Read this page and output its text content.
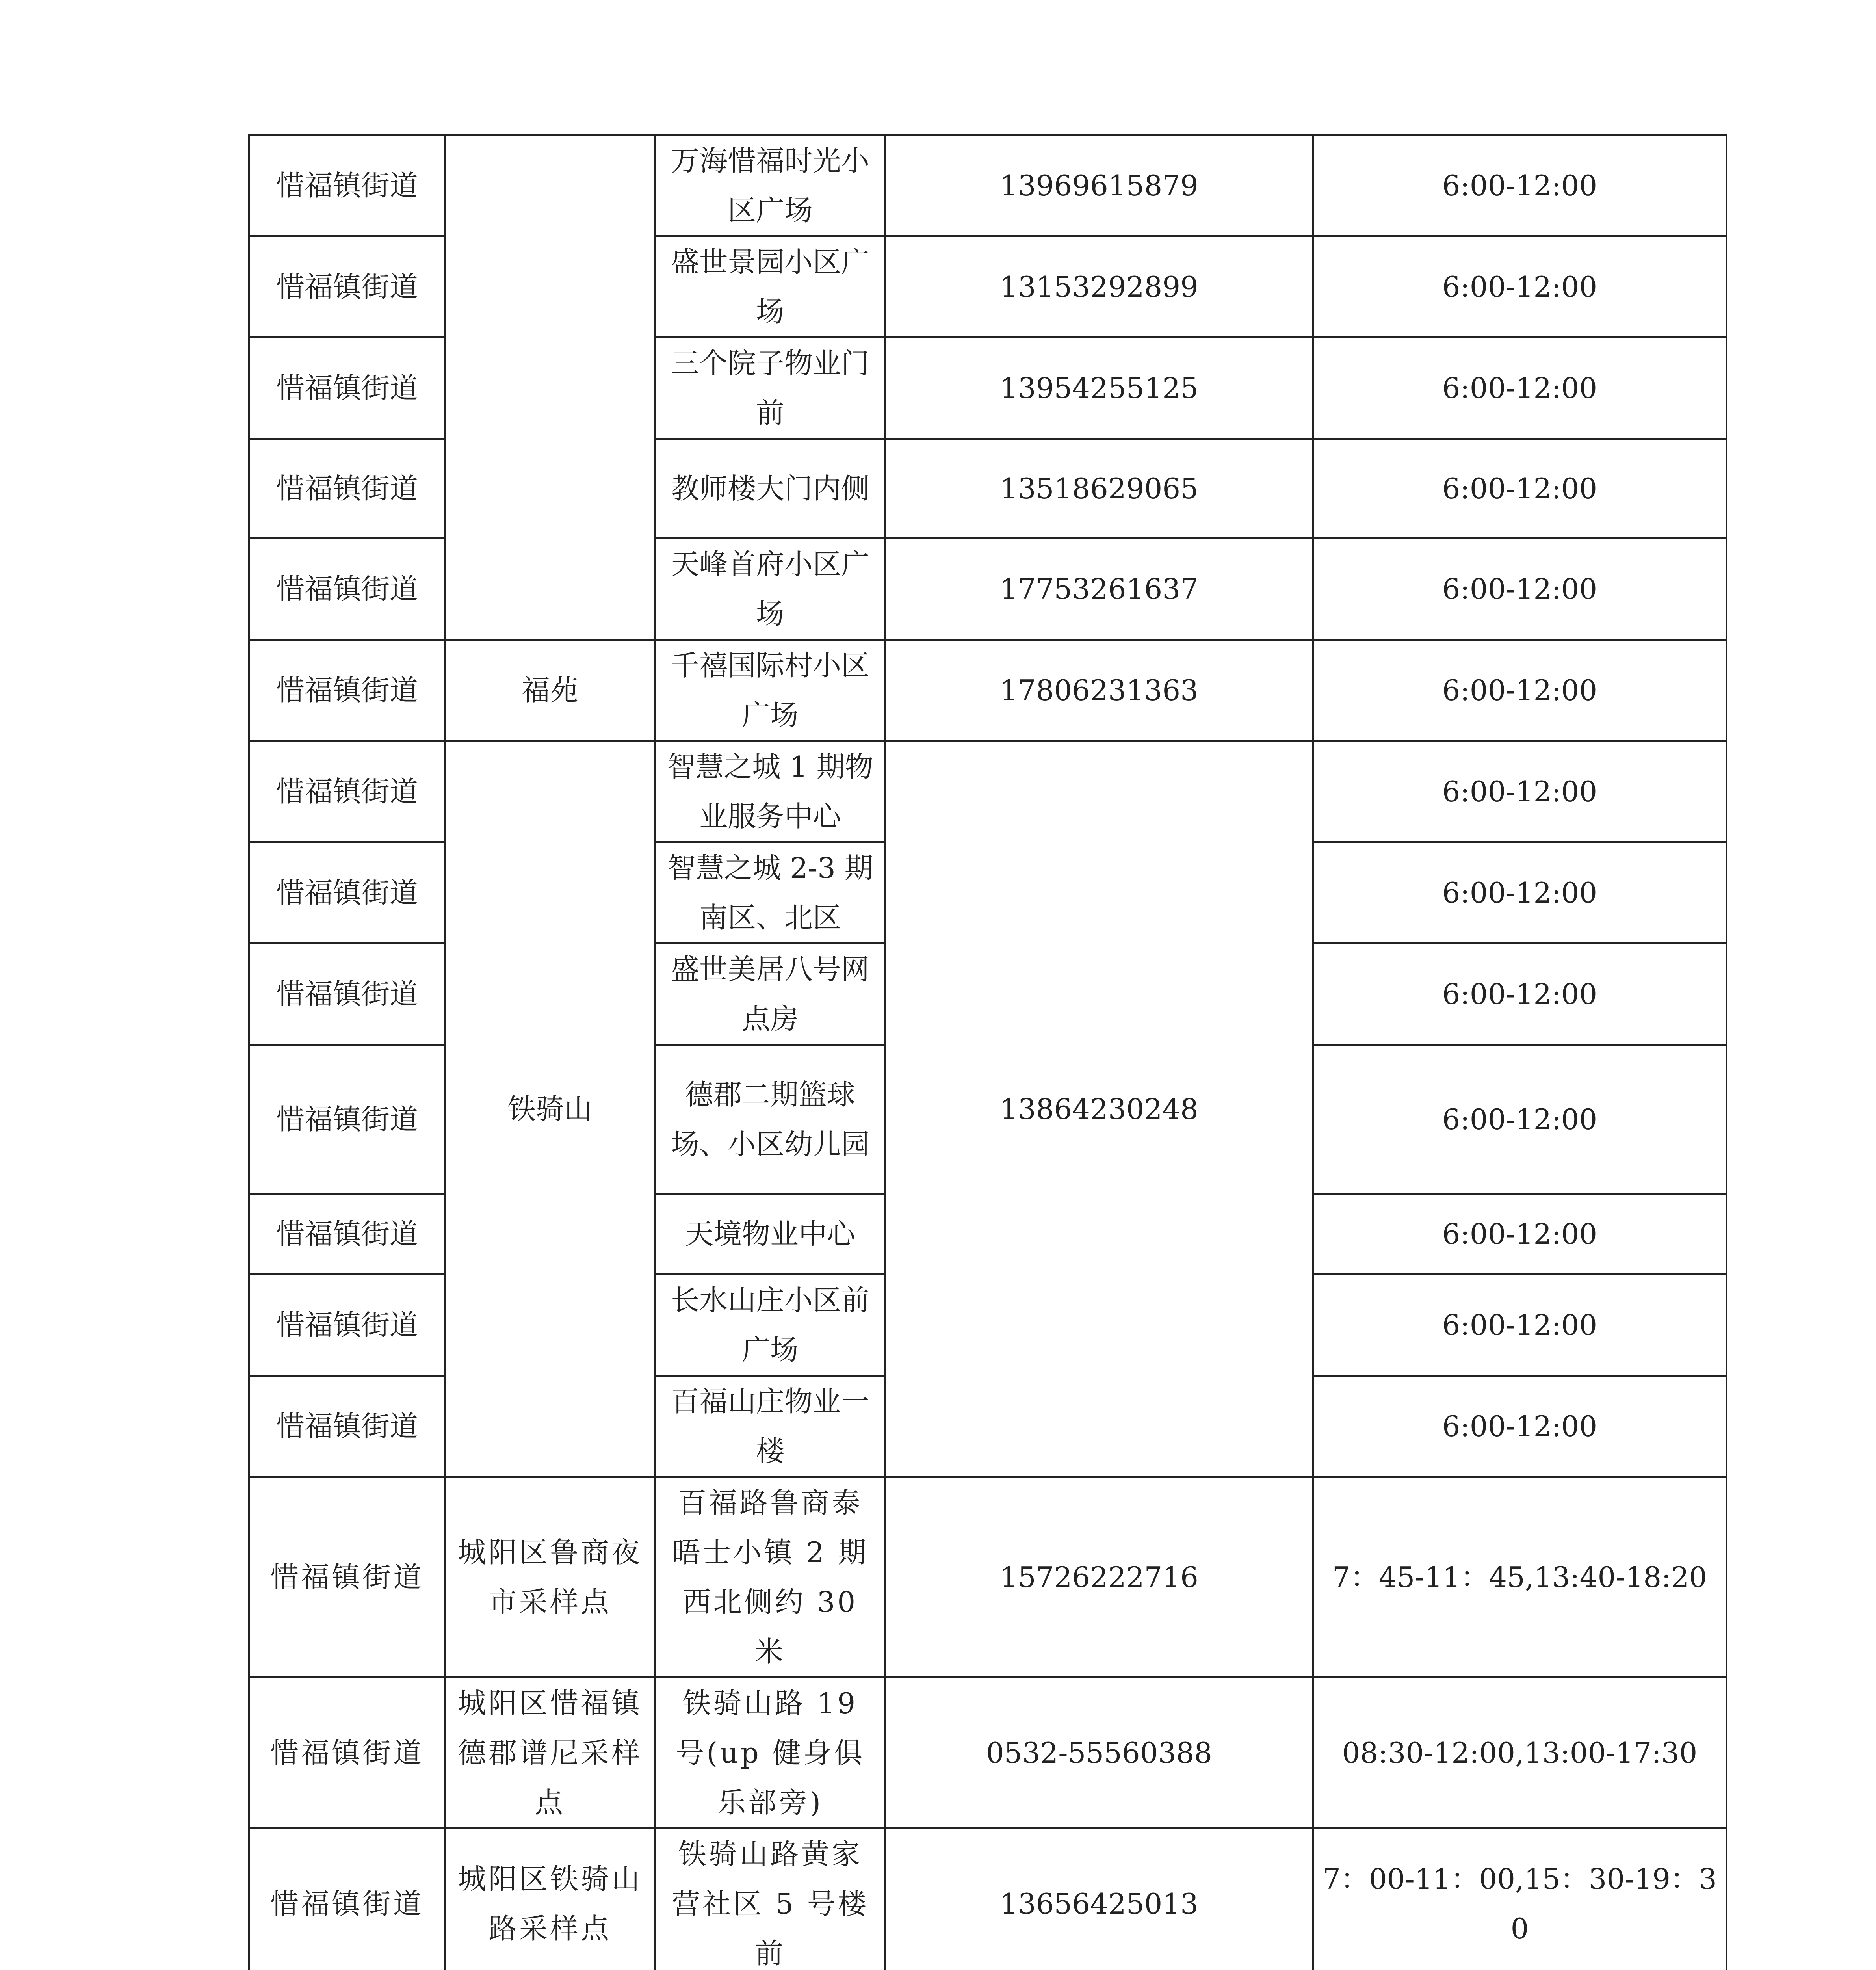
惜福镇街道		万海惜福时光小区广场	13969615879	6:00-12:00
惜福镇街道		盛世景园小区广场	13153292899	6:00-12:00
惜福镇街道		三个院子物业门前	13954255125	6:00-12:00
惜福镇街道		教师楼大门内侧	13518629065	6:00-12:00
惜福镇街道		天峰首府小区广场	17753261637	6:00-12:00
惜福镇街道	福苑	千禧国际村小区广场	17806231363	6:00-12:00
惜福镇街道	铁骑山	智慧之城 1 期物业服务中心	13864230248	6:00-12:00
惜福镇街道		智慧之城 2-3 期南区、北区		6:00-12:00
惜福镇街道		盛世美居八号网点房		6:00-12:00
惜福镇街道		德郡二期篮球场、小区幼儿园		6:00-12:00
惜福镇街道		天境物业中心		6:00-12:00
惜福镇街道		长水山庄小区前广场		6:00-12:00
惜福镇街道		百福山庄物业一楼		6:00-12:00
惜福镇街道	城阳区鲁商夜市采样点	百福路鲁商泰晤士小镇 2 期西北侧约 30 米	15726222716	7：45-11：45,13:40-18:20
惜福镇街道	城阳区惜福镇德郡谱尼采样点	铁骑山路 19 号(up 健身俱乐部旁)	0532-55560388	08:30-12:00,13:00-17:30
惜福镇街道	城阳区铁骑山路采样点	铁骑山路黄家营社区 5 号楼前	13656425013	7：00-11：00,15：30-19：30
